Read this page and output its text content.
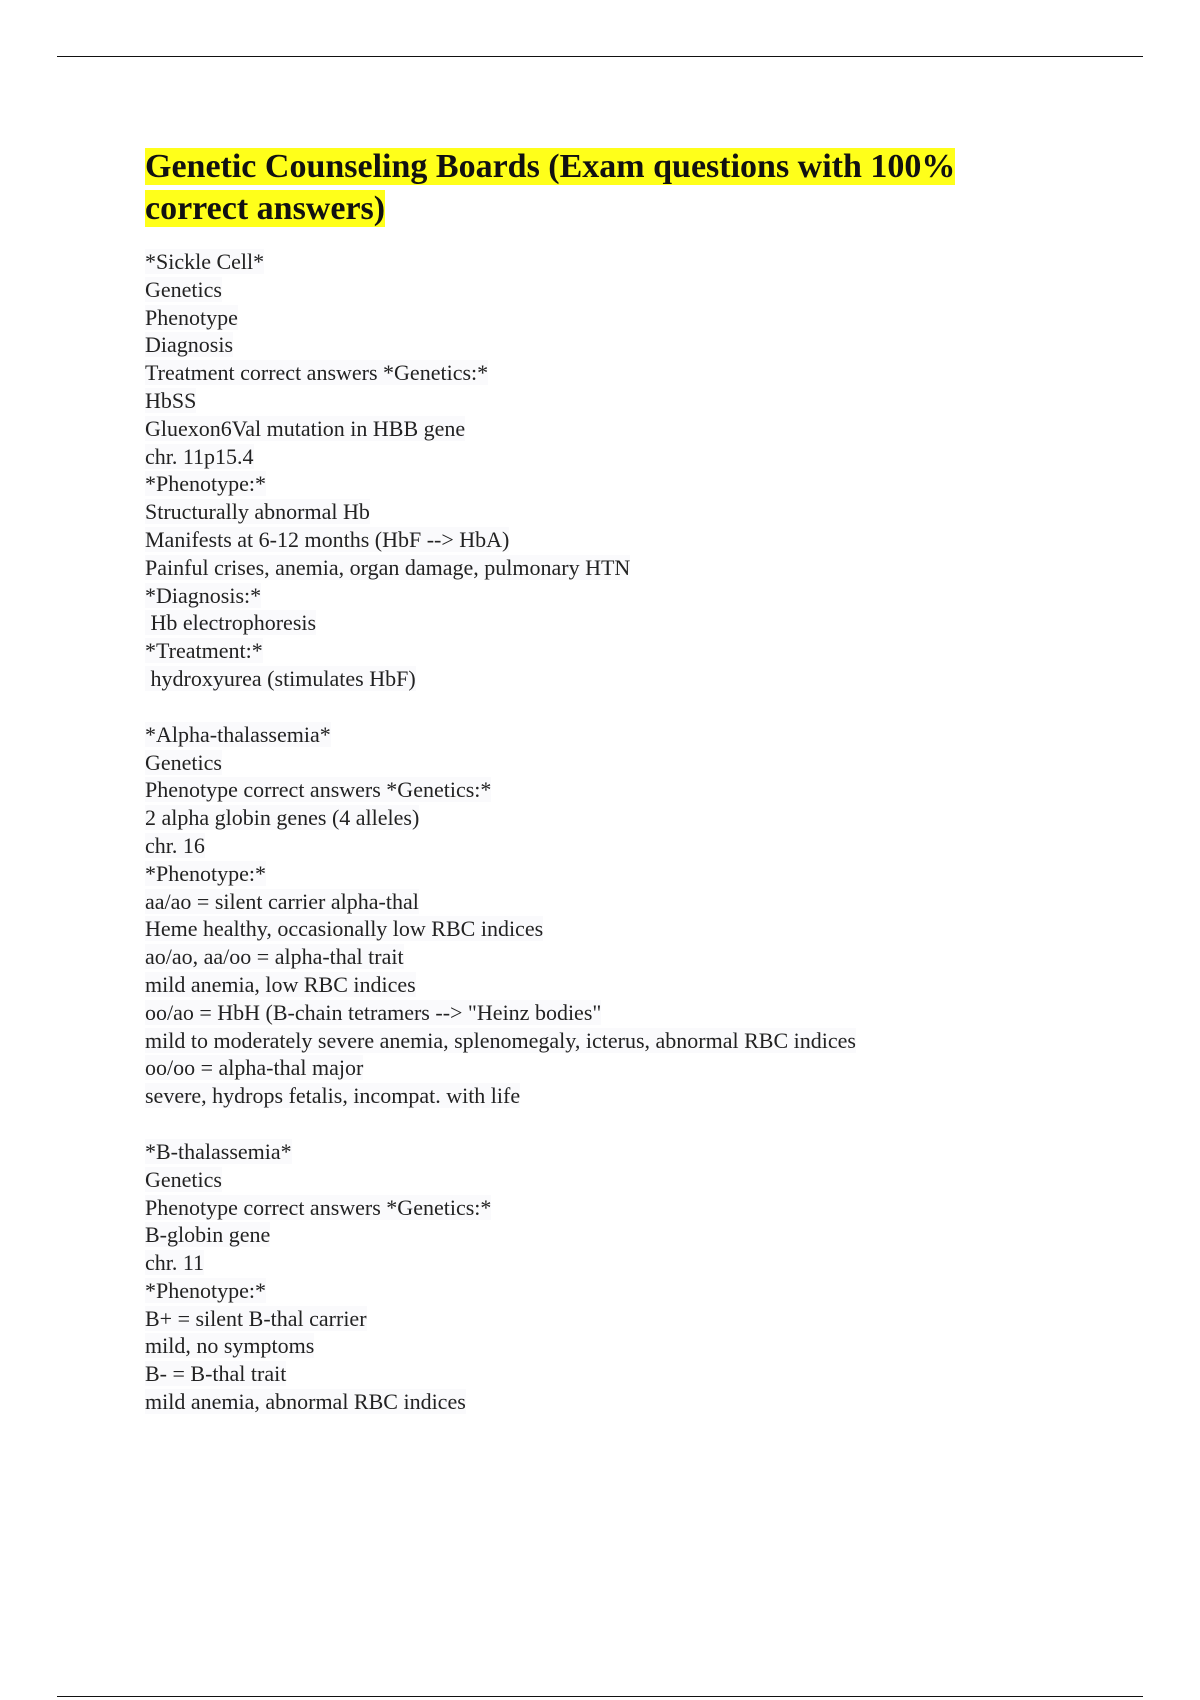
Genetic Counseling Boards (Exam questions with 100%
correct answers)
*Sickle Cell*
Genetics
Phenotype
Diagnosis
Treatment correct answers *Genetics:*
HbSS
Gluexon6Val mutation in HBB gene
chr. 11p15.4
*Phenotype:*
Structurally abnormal Hb
Manifests at 6-12 months (HbF --> HbA)
Painful crises, anemia, organ damage, pulmonary HTN
*Diagnosis:*
Hb electrophoresis
*Treatment:*
hydroxyurea (stimulates HbF)
*Alpha-thalassemia*
Genetics
Phenotype correct answers *Genetics:*
2 alpha globin genes (4 alleles)
chr. 16
*Phenotype:*
aa/ao = silent carrier alpha-thal
Heme healthy, occasionally low RBC indices
ao/ao, aa/oo = alpha-thal trait
mild anemia, low RBC indices
oo/ao = HbH (B-chain tetramers --> "Heinz bodies"
mild to moderately severe anemia, splenomegaly, icterus, abnormal RBC indices
oo/oo = alpha-thal major
severe, hydrops fetalis, incompat. with life
*B-thalassemia*
Genetics
Phenotype correct answers *Genetics:*
B-globin gene
chr. 11
*Phenotype:*
B+ = silent B-thal carrier
mild, no symptoms
B- = B-thal trait
mild anemia, abnormal RBC indices
